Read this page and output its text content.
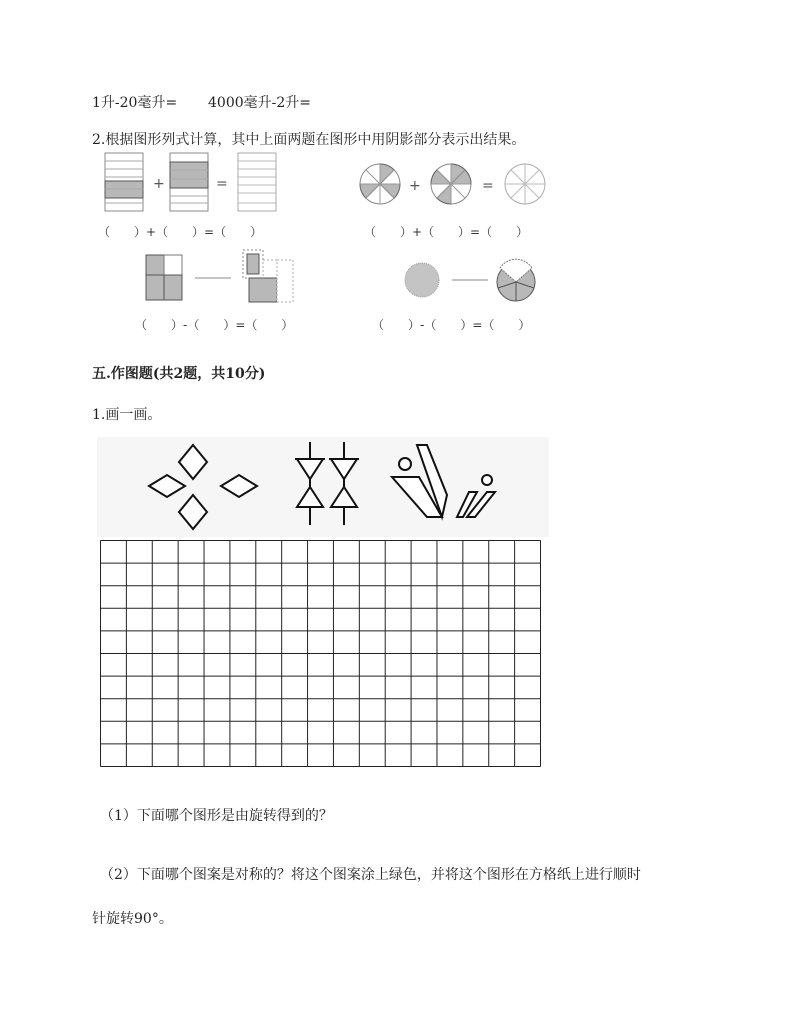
1升-20毫升= 4000毫升-2升=
2.根据图形列式计算，其中上面两题在图形中用阴影部分表示出结果。
+	=	+	=
（　　）+（　　）=（　　）	（　　）+（　　）=（　　）
（　　）-（　　）=（　　）	（　　）-（　　）=（　　）
五.作图题(共2题，共10分)
1.画一画。
（1）下面哪个图形是由旋转得到的？
（2）下面哪个图案是对称的？将这个图案涂上绿色，并将这个图形在方格纸上进行顺时
针旋转90°。
